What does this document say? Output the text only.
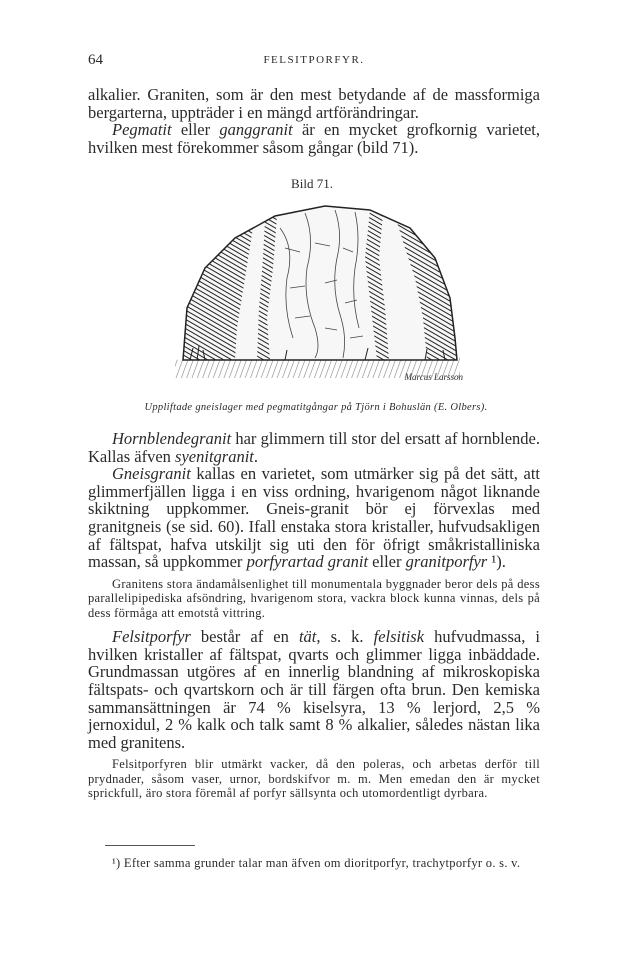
64	FELSITPORFYR.

alkalier. Graniten, som är den mest betydande af de massformiga bergarterna, uppträder i en mängd artförändringar.

Pegmatit eller ganggranit är en mycket grofkornig varietet, hvilken mest förekommer såsom gångar (bild 71).

Bild 71.
Marcus Larsson
Uppliftade gneislager med pegmatitgångar på Tjörn i Bohuslän (E. Olbers).

Hornblendegranit har glimmern till stor del ersatt af hornblende. Kallas äfven syenitgranit.

Gneisgranit kallas en varietet, som utmärker sig på det sätt, att glimmerfjällen ligga i en viss ordning, hvarigenom något liknande skiktning uppkommer. Gneis-granit bör ej förvexlas med granitgneis (se sid. 60). Ifall enstaka stora kristaller, hufvudsakligen af fältspat, hafva utskiljt sig uti den för öfrigt småkristalliniska massan, så uppkommer porfyrartad granit eller granitporfyr ¹).

Granitens stora ändamålsenlighet till monumentala byggnader beror dels på dess parallelipipediska afsöndring, hvarigenom stora, vackra block kunna vinnas, dels på dess förmåga att emotstå vittring.

Felsitporfyr består af en tät, s. k. felsitisk hufvudmassa, i hvilken kristaller af fältspat, qvarts och glimmer ligga inbäddade. Grundmassan utgöres af en innerlig blandning af mikroskopiska fältspats- och qvartskorn och är till färgen ofta brun. Den kemiska sammansättningen är 74 % kiselsyra, 13 % lerjord, 2,5 % jernoxidul, 2 % kalk och talk samt 8 % alkalier, således nästan lika med granitens.

Felsitporfyren blir utmärkt vacker, då den poleras, och arbetas derför till prydnader, såsom vaser, urnor, bordskifvor m. m. Men emedan den är mycket sprickfull, äro stora föremål af porfyr sällsynta och utomordentligt dyrbara.

¹) Efter samma grunder talar man äfven om dioritporfyr, trachytporfyr o. s. v.
